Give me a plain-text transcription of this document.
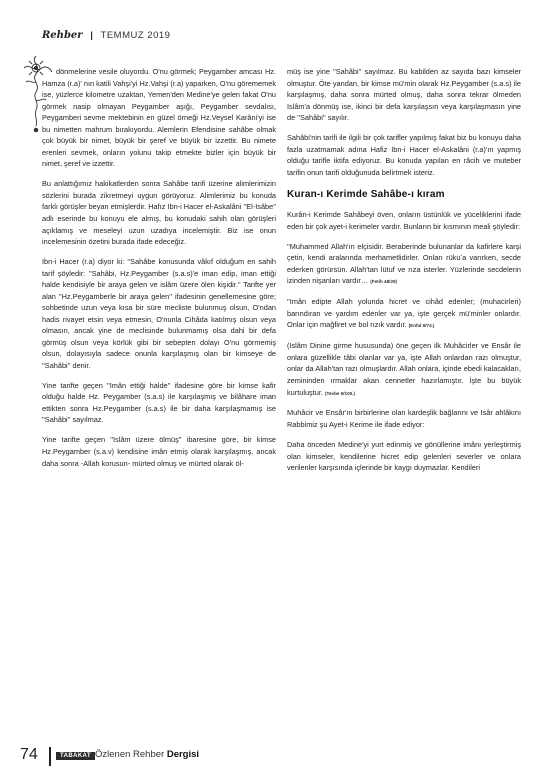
Rehber | TEMMUZ 2019

dönmelerine vesile oluyordu. O'nu görmek; Peygamber amcası Hz. Hamza (r.a)' nın katili Vahşi'yi Hz.Vahşi (r.a) yaparken, O'nu görememek ise, yüzlerce kilometre uzaktan, Yemen'den Medine'ye gelen fakat O'nu görmek nasip olmayan Peygamber aşığı, Peygamber sevdalısı, Peygamberi sevme mektebinin en güzel örneği Hz.Veysel Karâni'yi ise bu nimetten mahrum bırakıyordu. Alemlerin Efendisine sahâbe olmak çok büyük bir nimet, büyük bir şeref ve büyük bir izzettir. Bu nimete erenleri sevmek, onların yolunu takip etmekte bizler için büyük bir nimet, şeref ve izzettir.

Bu anlattığımız hakikatlerden sonra Sahâbe tarifi üzerine alimlerimizin sözlerini burada zikretmeyi uygun görüyoruz. Alimlerimiz bu konuda farklı görüşler beyan etmişlerdir. Hafız Ibn-i Hacer el-Askalâni ''El-Isâbe'' adlı eserinde bu konuyu ele almış, bu konudaki sahih olan görüşleri açıklamış ve meseleyi uzun uzadıya incelemiştir. Biz ise onun incelemesinin özetini burada ifade edeceğiz.

Ibn-i Hacer (r.a) diyor ki: ''Sahâbe konusunda vâkıf olduğum en sahih tarif şöyledir: ''Sahâbi, Hz.Peygamber (s.a.s)'e iman edip, iman ettiği halde kendisiyle bir araya gelen ve islâm üzere ölen kişidir.'' Tarifte yer alan ''Hz.Peygamberle bir araya gelen'' ifadesinin genellemesine göre; sohbetinde uzun veya kısa bir süre mecliste bulunmuş olsun, O'ndan hadis rivayet etsin veya etmesin, O'nunla Cihâda katılmış olsun veya olmasın, ancak yine de meclisinde bulunmamış olsa dahi bir defa görmüş olsun veya körlük gibi bir sebepten dolayı O'nu görmemiş olsun, dolayısıyla sadece onunla karşılaşmış olan bir kimseye de ''Sahâbi'' denir.

Yine tarifte geçen ''Imân ettiği halde'' ifadesine göre bir kimse kafir olduğu halde Hz. Peygamber (s.a.s) ile karşılaşmış ve bilâhare iman ettikten sonra Hz.Peygamber (s.a.s) ile bir daha karşılaşmamış ise ''Sahâbi'' sayılmaz.

Yine tarifte geçen ''Islâm üzere ölmüş'' ibaresine göre, bir kimse Hz.Peygamber (s.a.v) kendisine imân etmiş olarak karşılaşmış, ancak daha sonra -Allah korusun- mürted olmuş ve mürted olarak öl-

müş ise yine ''Sahâbi'' sayılmaz. Bu kabilden az sayıda bazı kimseler olmuştur. Öte yandan, bir kimse mü'min olarak Hz.Peygamber (s.a.s) ile karşılaşmış, daha sonra mürted olmuş, daha sonra tekrar ölmeden Islâm'a dönmüş ise, ikinci bir defa karşılaşsın veya karşılaşmasın yine de ''Sahâbi'' sayılır.

Sahâbi'nin tarifi ile ilgili bir çok tarifler yapılmış fakat biz bu konuyu daha fazla uzatmamak adına Hafiz Ibn-i Hacer el-Askalâni (r.a)'ın yapmış olduğu tarifle iktifa ediyoruz. Bu konuda yapılan en râcih ve muteber tarifin onun tarifi olduğunuda belirtmek isteriz.

Kuran-ı Kerimde Sahâbe-ı kıram

Kurân-i Kerimde Sahâbeyi öven, onların üstünlük ve yüceliklerini ifade eden bir çok ayet-i kerimeler vardır. Bunların bir kısmının meali şöyledir:

''Muhammed Allah'ın elçisidir. Beraberinde bulunanlar da kafirlere karşi çetin, kendi aralarında merhametlidirler. Onları rükuʻa varırken, secde ederken görürsün. Allah'tan lütuf ve rıza isterler. Yüzlerinde secdelerin izinden nişanları vardır… (Fetih 48/29)

''Imân edipte Allah yolunda hicret ve cihâd edenler; (muhacirleri) barındıran ve yardım edenler var ya, işte gerçek mü'minler onlardır. Onlar için mağfiret ve bol rızık vardır. (Enfal 8/74.)

(Islâm Dinine girme hususunda) öne geçen ilk Muhâcirler ve Ensâr ile onlara güzellikle tâbi olanlar var ya, işte Allah onlardan razı olmuştur, onlar da Allah'tan razı olmuşlardır. Allah onlara, içinde ebedi kalacakları, zemininden ırmaklar akan cennetler hazırlamıştır. İşte bu büyük kurtuluştur. (Tevbe 9/100.)

Muhâcir ve Ensâr'ın birbirlerine olan kardeşlik bağlarını ve Isâr ahlâkını Rabbimiz şu Ayet-i Kerime ile ifade ediyor:

Daha önceden Medine'yi yurt edinmiş ve gönüllerine imânı yerleştirmiş olan kimseler, kendilerine hicret edip gelenleri severler ve onlara verilenler karşısında içlerinde bir kaygı duymazlar. Kendileri

74	TABAKAT Özlenen Rehber Dergisi
